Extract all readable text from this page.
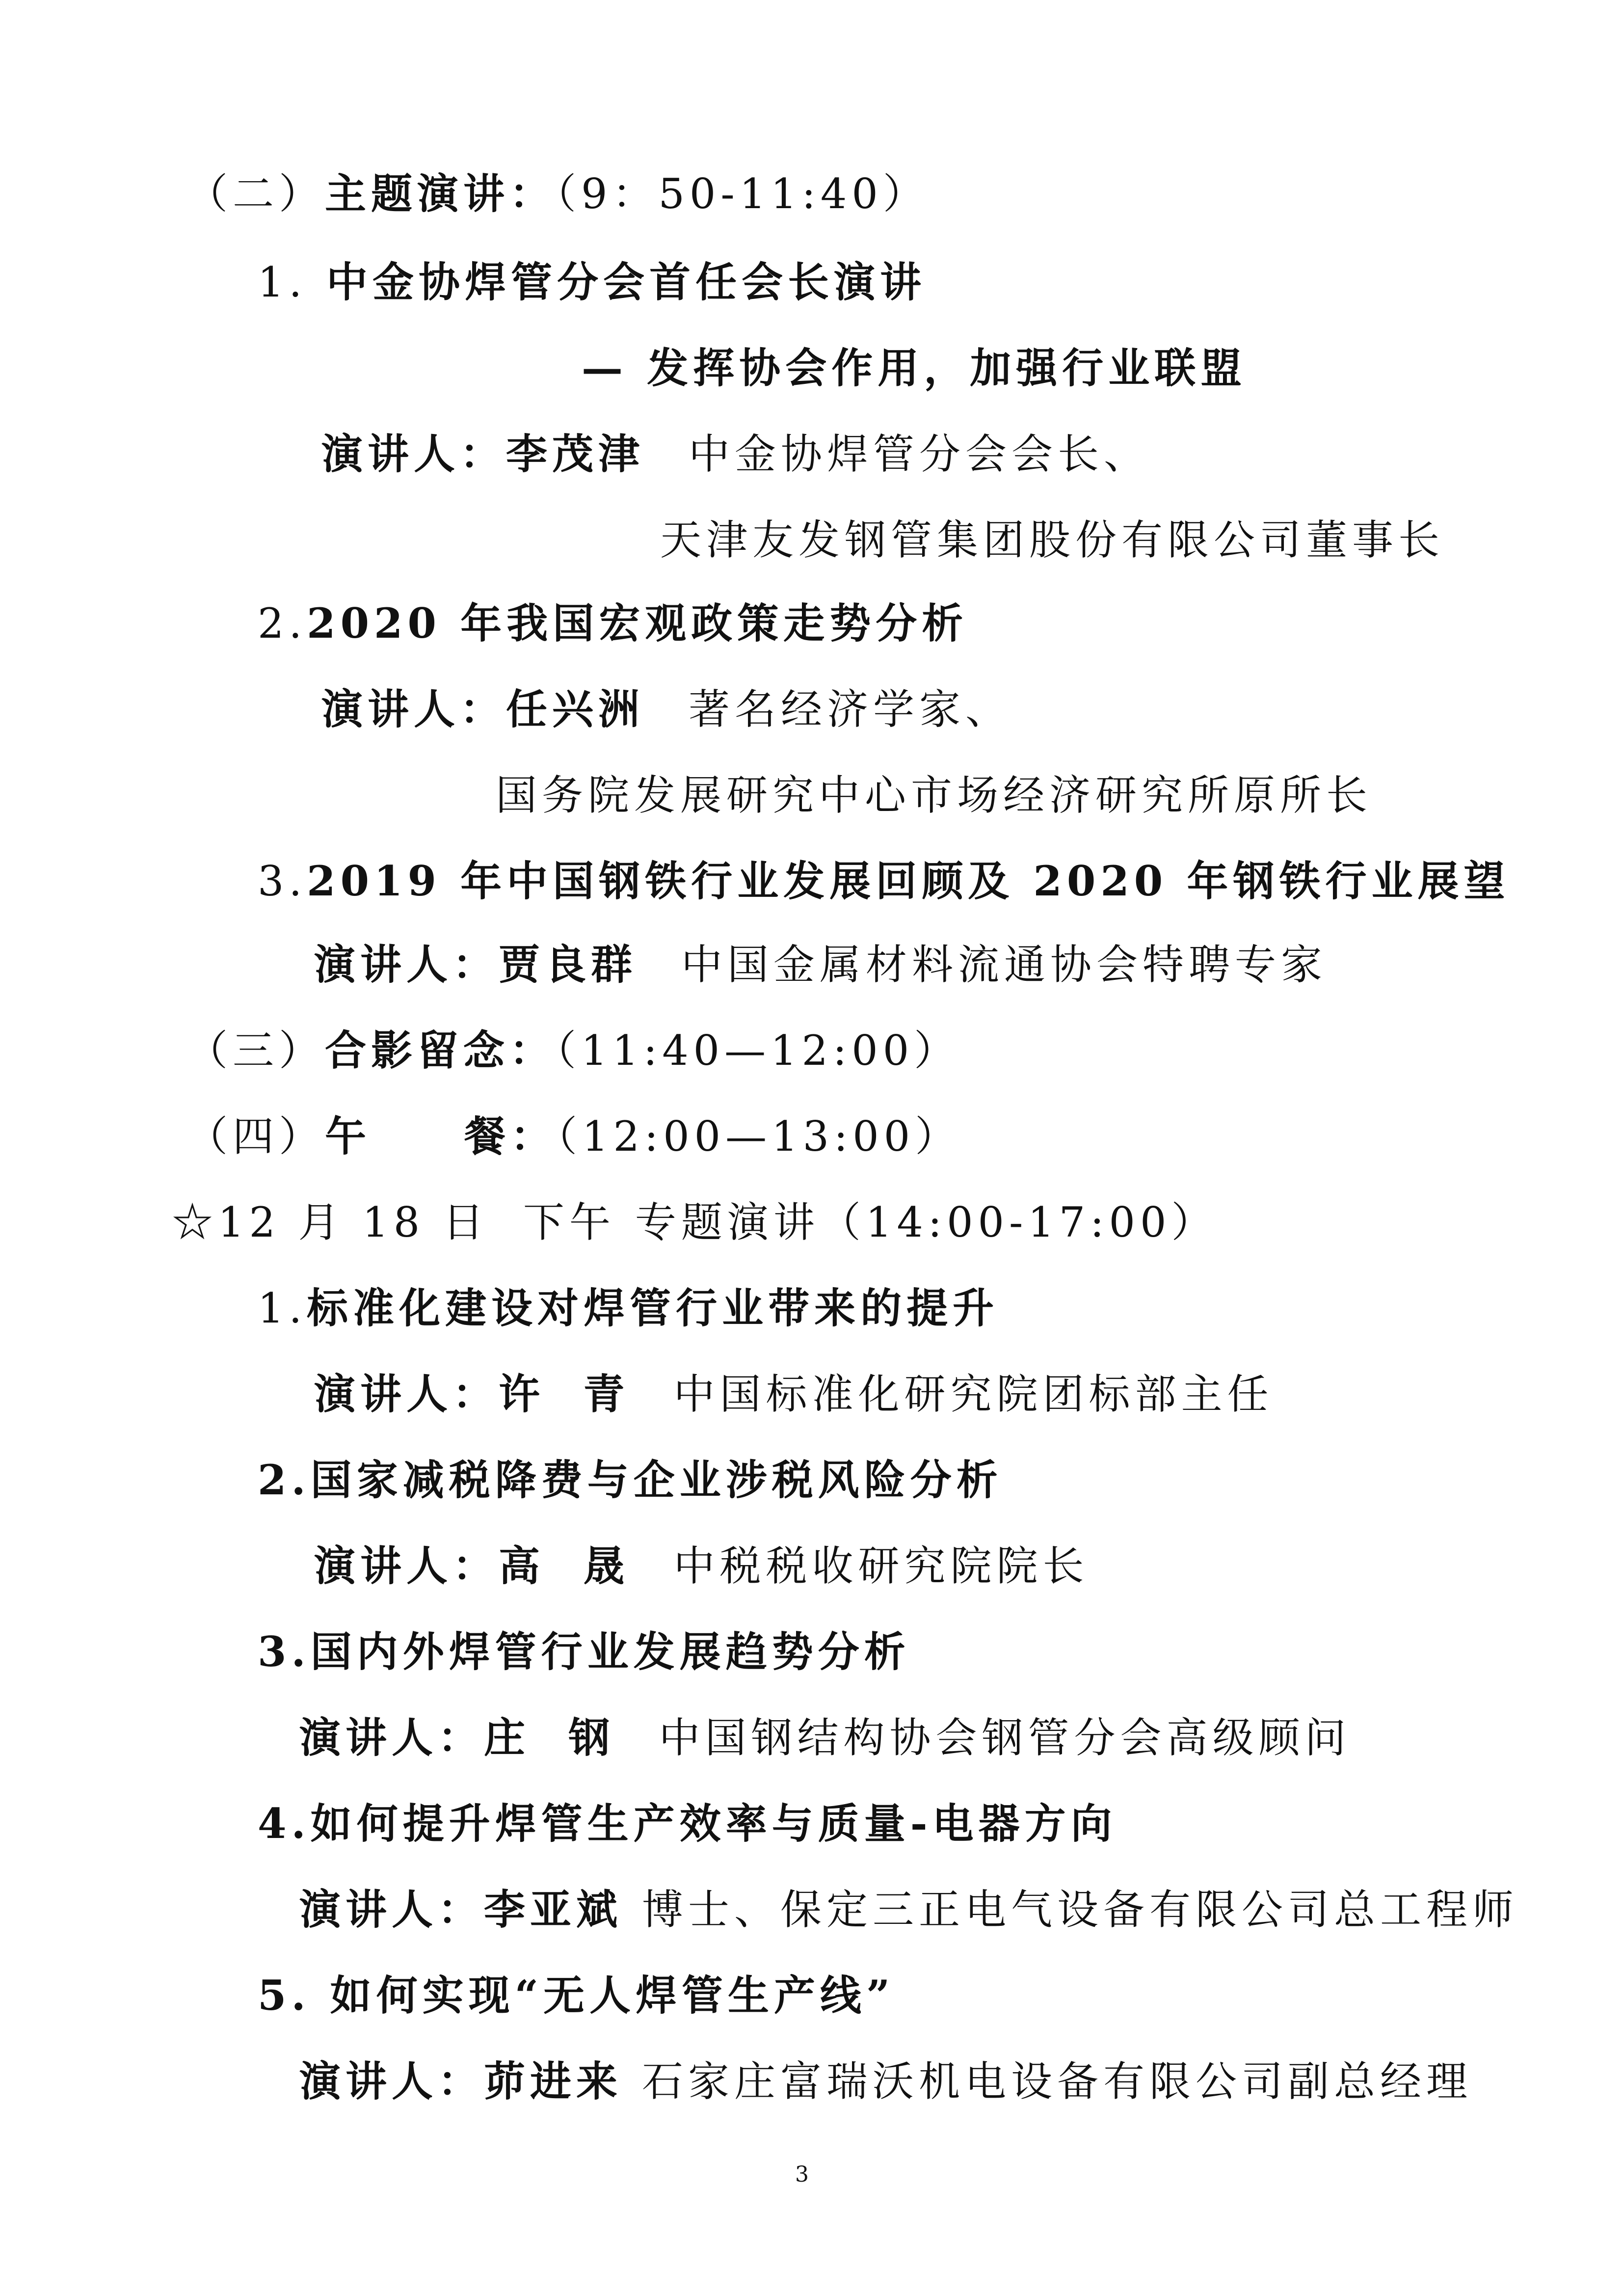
（二）主题演讲：（9：50-11:40）
1. 中金协焊管分会首任会长演讲
— 发挥协会作用，加强行业联盟
演讲人：李茂津 中金协焊管分会会长、
天津友发钢管集团股份有限公司董事长
2.2020 年我国宏观政策走势分析
演讲人：任兴洲 著名经济学家、
国务院发展研究中心市场经济研究所原所长
3.2019 年中国钢铁行业发展回顾及 2020 年钢铁行业展望
演讲人：贾良群 中国金属材料流通协会特聘专家
（三）合影留念：（11:40—12:00）
（四）午 餐：（12:00—13:00）
☆12 月 18 日 下午 专题演讲（14:00-17:00）
1.标准化建设对焊管行业带来的提升
演讲人：许  青 中国标准化研究院团标部主任
2.国家减税降费与企业涉税风险分析
演讲人：高  晟 中税税收研究院院长
3.国内外焊管行业发展趋势分析
演讲人：庄  钢 中国钢结构协会钢管分会高级顾问
4.如何提升焊管生产效率与质量-电器方向
演讲人：李亚斌 博士、保定三正电气设备有限公司总工程师
5. 如何实现“无人焊管生产线”
演讲人：茆进来 石家庄富瑞沃机电设备有限公司副总经理
3
